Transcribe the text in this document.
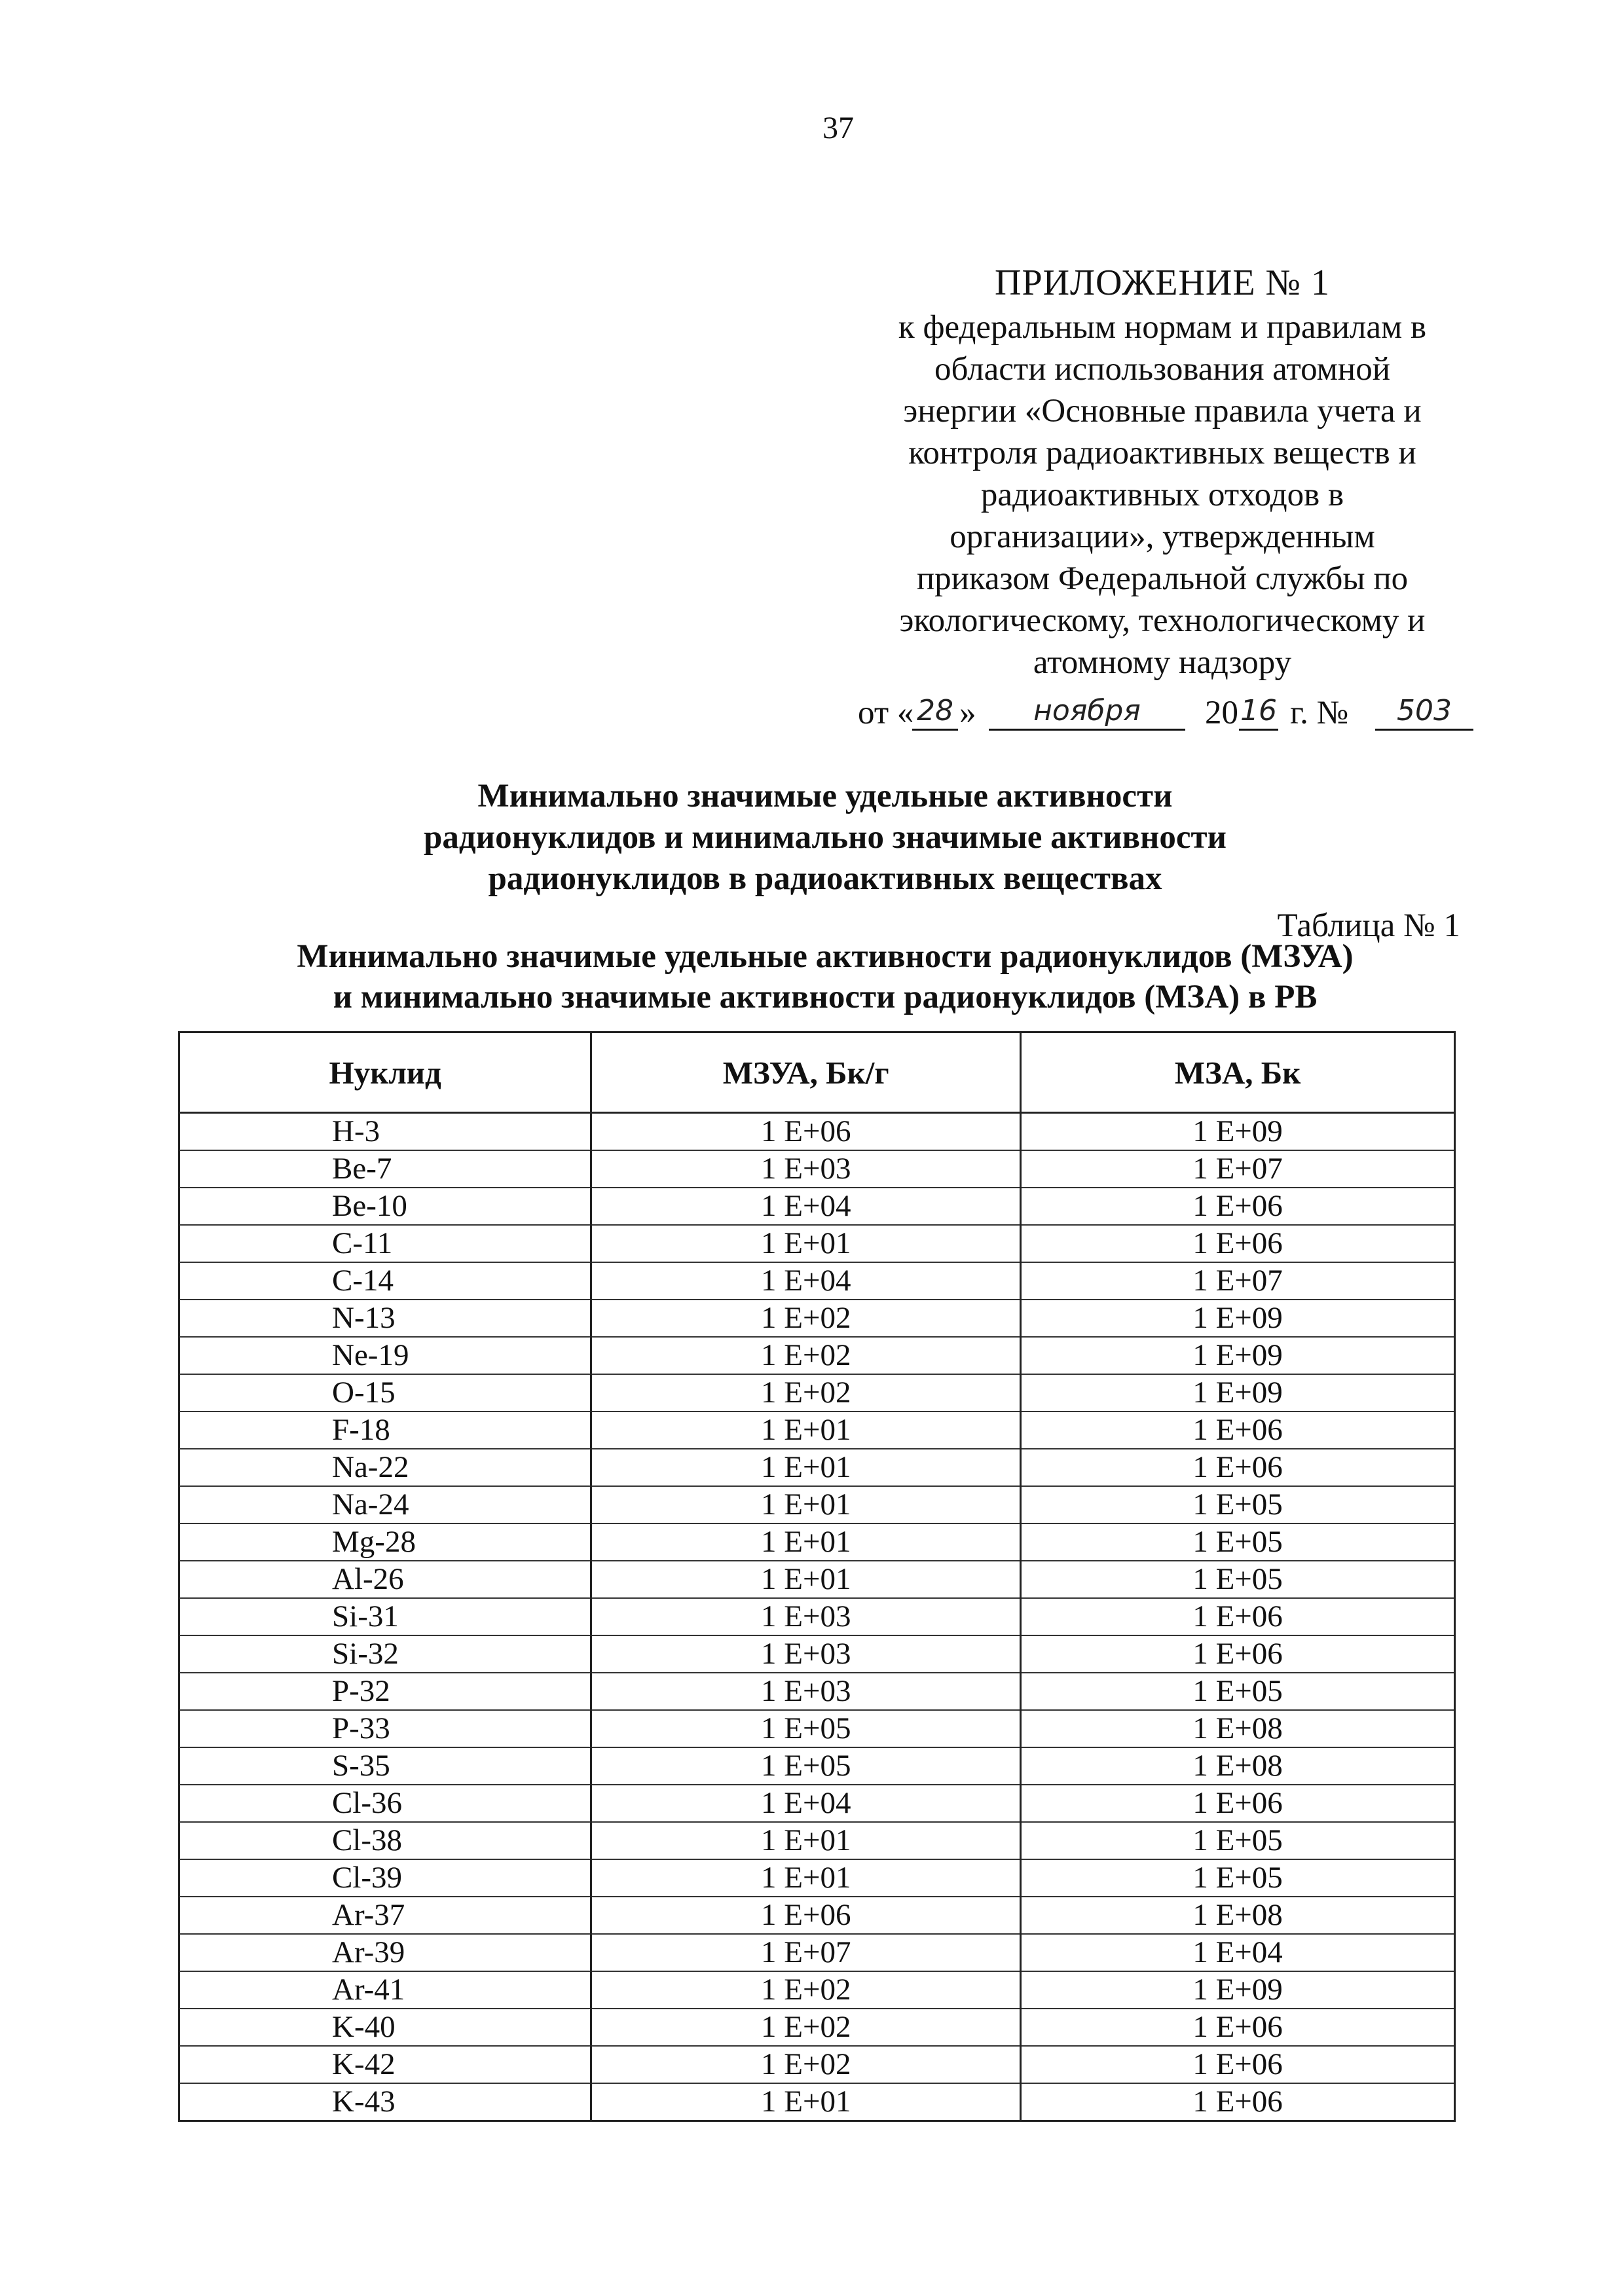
37
ПРИЛОЖЕНИЕ № 1
к федеральным нормам и правилам в
области использования атомной
энергии «Основные правила учета и
контроля радиоактивных веществ и
радиоактивных отходов в
организации», утвержденным
приказом Федеральной службы по
экологическому, технологическому и
атомному надзору
от « 28 »	ноября	20 16 г. №	503
Минимально значимые удельные активности
радионуклидов и минимально значимые активности
радионуклидов в радиоактивных веществах
Таблица № 1
Минимально значимые удельные активности радионуклидов (МЗУА)
и минимально значимые активности радионуклидов (МЗА) в РВ
Нуклид	МЗУА, Бк/г	МЗА, Бк
H-3	1 E+06	1 E+09
Be-7	1 E+03	1 E+07
Be-10	1 E+04	1 E+06
C-11	1 E+01	1 E+06
C-14	1 E+04	1 E+07
N-13	1 E+02	1 E+09
Ne-19	1 E+02	1 E+09
O-15	1 E+02	1 E+09
F-18	1 E+01	1 E+06
Na-22	1 E+01	1 E+06
Na-24	1 E+01	1 E+05
Mg-28	1 E+01	1 E+05
Al-26	1 E+01	1 E+05
Si-31	1 E+03	1 E+06
Si-32	1 E+03	1 E+06
P-32	1 E+03	1 E+05
P-33	1 E+05	1 E+08
S-35	1 E+05	1 E+08
Cl-36	1 E+04	1 E+06
Cl-38	1 E+01	1 E+05
Cl-39	1 E+01	1 E+05
Ar-37	1 E+06	1 E+08
Ar-39	1 E+07	1 E+04
Ar-41	1 E+02	1 E+09
K-40	1 E+02	1 E+06
K-42	1 E+02	1 E+06
K-43	1 E+01	1 E+06
